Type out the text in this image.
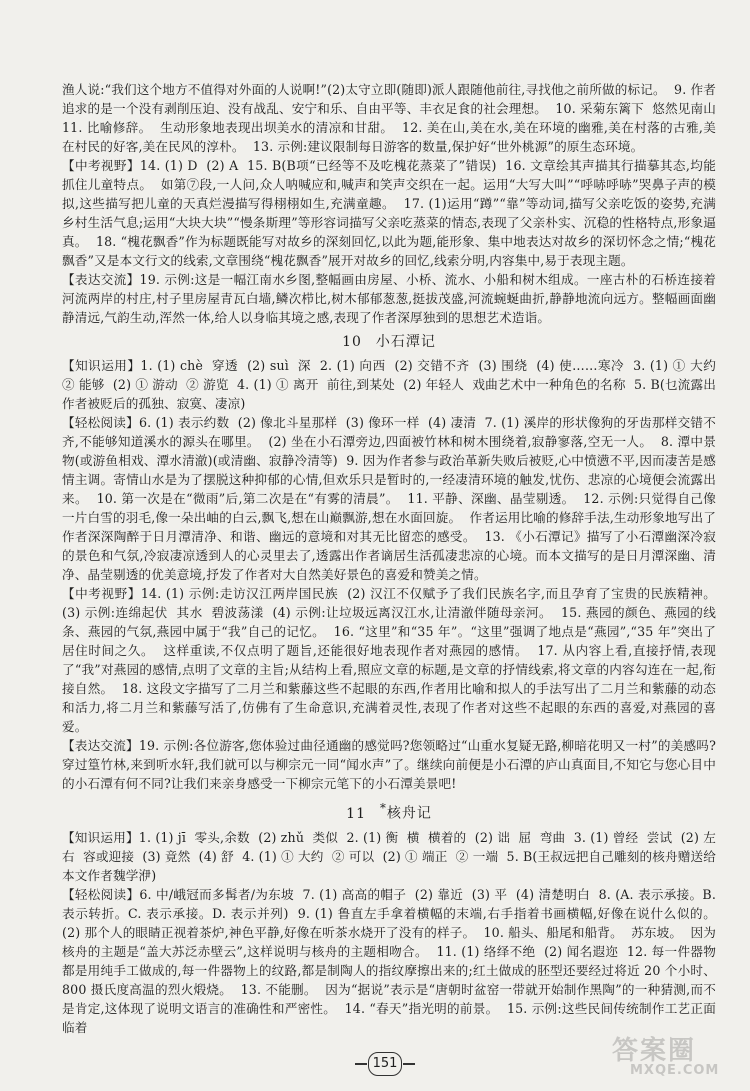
渔人说:“我们这个地方不值得对外面的人说啊!”(2)太守立即(随即)派人跟随他前往,寻找他之前所做的标记。  9. 作者追求的是一个没有剥削压迫、没有战乱、安宁和乐、自由平等、丰衣足食的社会理想。  10. 采菊东篱下  悠然见南山  11. 比喻修辞。  生动形象地表现出坝美水的清凉和甘甜。  12. 美在山,美在水,美在环境的幽雅,美在村落的古雅,美在村民的好客,美在民风的淳朴。  13. 示例:建议限制每日游客的数量,保护好“世外桃源”的原生态环境。

【中考视野】14. (1) D  (2) A  15. B(B项“已经等不及吃槐花蒸菜了”错误)  16. 文章绘其声描其行描摹其态,均能抓住儿童特点。  如第⑦段,一人问,众人呐喊应和,喊声和笑声交织在一起。运用“大写大叫”“呼哧呼哧”哭鼻子声的模拟,这些描写把儿童的天真烂漫描写得栩栩如生,充满童趣。  17. (1)运用“蹲”“靠”等动词,描写父亲吃饭的姿势,充满乡村生活气息;运用“大块大块”“慢条斯理”等形容词描写父亲吃蒸菜的情态,表现了父亲朴实、沉稳的性格特点,形象逼真。  18. “槐花飘香”作为标题既能写对故乡的深刻回忆,以此为题,能形象、集中地表达对故乡的深切怀念之情;“槐花飘香”又是本文行文的线索,文章围绕“槐花飘香”展开对故乡的回忆,线索分明,内容集中,易于表现主题。

【表达交流】19. 示例:这是一幅江南水乡图,整幅画由房屋、小桥、流水、小船和树木组成。一座古朴的石桥连接着河流两岸的村庄,村子里房屋青瓦白墙,鳞次栉比,树木郁郁葱葱,挺拔茂盛,河流蜿蜒曲折,静静地流向远方。整幅画面幽静清远,气韵生动,浑然一体,给人以身临其境之感,表现了作者深厚独到的思想艺术造诣。

10 小石潭记

【知识运用】1. (1) chè  穿透  (2) suì  深  2. (1) 向西  (2) 交错不齐  (3) 围绕  (4) 使……寒冷  3. (1) ① 大约  ② 能够  (2) ① 游动  ② 游览  4. (1) ① 离开  前往,到某处  (2) 年轻人  戏曲艺术中一种角色的名称  5. B(乜流露出作者被贬后的孤独、寂寞、凄凉)

【轻松阅读】6. (1) 表示约数  (2) 像北斗星那样  (3) 像环一样  (4) 凄清  7. (1) 溪岸的形状像狗的牙齿那样交错不齐,不能够知道溪水的源头在哪里。  (2) 坐在小石潭旁边,四面被竹林和树木围绕着,寂静寥落,空无一人。  8. 潭中景物(或游鱼相戏、潭水清澈)(或清幽、寂静冷清等)  9. 因为作者参与政治革新失败后被贬,心中愤懑不平,因而凄苦是感情主调。寄情山水是为了摆脱这种抑郁的心情,但欢乐只是暂时的,一经凄清环境的触发,忧伤、悲凉的心境便会流露出来。  10. 第一次是在“微雨”后,第二次是在“有雾的清晨”。  11. 平静、深幽、晶莹剔透。  12. 示例:只觉得自己像一片白雪的羽毛,像一朵出岫的白云,飘飞,想在山巅飘游,想在水面回旋。  作者运用比喻的修辞手法,生动形象地写出了作者深深陶醉于日月潭清净、和谐、幽远的意境和对其无比留恋的感受。  13. 《小石潭记》描写了小石潭幽深冷寂的景色和气氛,冷寂凄凉透到人的心灵里去了,透露出作者谪居生活孤凄悲凉的心境。而本文描写的是日月潭深幽、清净、晶莹剔透的优美意境,抒发了作者对大自然美好景色的喜爱和赞美之情。

【中考视野】14. (1) 示例:走访汉江两岸国民族  (2) 汉江不仅赋予了我们民族名字,而且孕育了宝贵的民族精神。  (3) 示例:连绵起伏  其水  碧波荡漾  (4) 示例:让垃圾远离汉江水,让清澈伴随母亲河。  15. 燕园的颜色、燕园的线条、燕园的气氛,燕园中属于“我”自己的记忆。  16. “这里”和“35 年”。“这里”强调了地点是“燕园”,“35 年”突出了居住时间之久。  这样重读,不仅点明了题旨,还能很好地表现作者对燕园的感情。  17. 从内容上看,直接抒情,表现了“我”对燕园的感情,点明了文章的主旨;从结构上看,照应文章的标题,是文章的抒情线索,将文章的内容勾连在一起,衔接自然。  18. 这段文字描写了二月兰和紫藤这些不起眼的东西,作者用比喻和拟人的手法写出了二月兰和紫藤的动态和活力,将二月兰和紫藤写活了,仿佛有了生命意识,充满着灵性,表现了作者对这些不起眼的东西的喜爱,对燕园的喜爱。

【表达交流】19. 示例:各位游客,您体验过曲径通幽的感觉吗?您领略过“山重水复疑无路,柳暗花明又一村”的美感吗?穿过篁竹林,来到听水轩,我们就可以与柳宗元一同“闻水声”了。继续向前便是小石潭的庐山真面目,不知它与您心目中的小石潭有何不同?让我们来亲身感受一下柳宗元笔下的小石潭美景吧!

11 *核舟记

【知识运用】1. (1) jī  零头,余数  (2) zhǔ  类似  2. (1) 衡  横  横着的  (2) 诎  屈  弯曲  3. (1) 曾经  尝试  (2) 左右  容或迎接  (3) 竟然  (4) 舒  4. (1) ① 大约  ② 可以  (2) ① 端正  ② 一端  5. B(王叔远把自己雕刻的核舟赠送给本文作者魏学洢)

【轻松阅读】6. 中/峨冠而多髯者/为东坡  7. (1) 高高的帽子  (2) 靠近  (3) 平  (4) 清楚明白  8. (A. 表示承接。B. 表示转折。C. 表示承接。D. 表示并列)  9. (1) 鲁直左手拿着横幅的末端,右手指着书画横幅,好像在说什么似的。  (2) 那个人的眼睛正视着茶炉,神色平静,好像在听茶水烧开了没有的样子。  10. 船头、船尾和船背。  苏东坡。  因为核舟的主题是“盖大苏泛赤壁云”,这样说明与核舟的主题相吻合。  11. (1) 络绎不绝  (2) 闻名遐迩  12. 每一件器物都是用纯手工做成的,每一件器物上的纹路,都是制陶人的指纹摩擦出来的;红土做成的胚型还要经过将近 20 个小时、800 摄氏度高温的烈火煅烧。  13. 不能删。  因为“据说”表示是“唐朝时盆窑一带就开始制作黑陶”的一种猜测,而不是肯定,这体现了说明文语言的准确性和严密性。  14. “春天”指光明的前景。  15. 示例:这些民间传统制作工艺正面临着

151	答案圈
MXQE.COM
